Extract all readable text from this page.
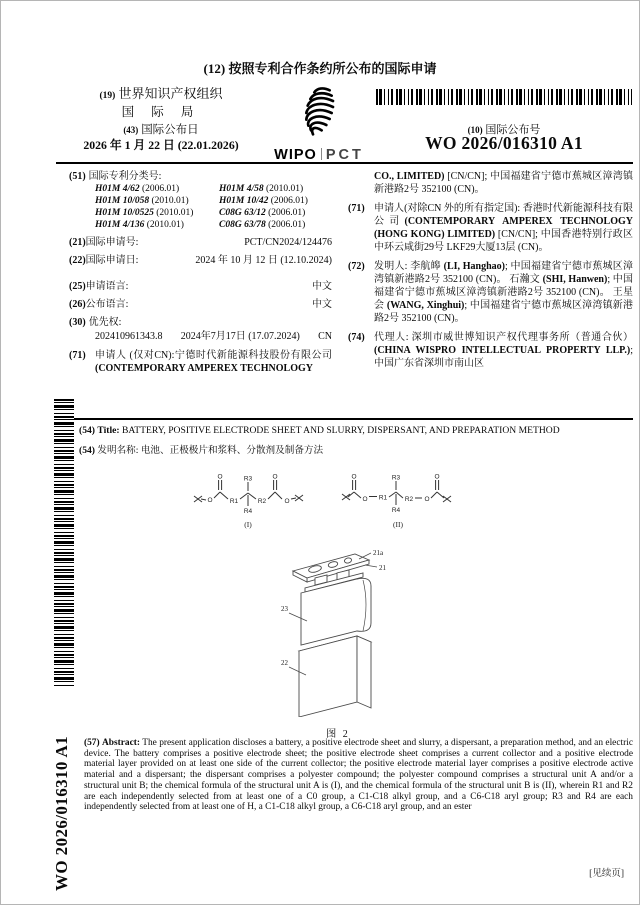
(12) 按照专利合作条约所公布的国际申请
(19) 世界知识产权组织
国 际 局
(43) 国际公布日
2026 年 1 月 22 日 (22.01.2026)
WIPO PCT
(10) 国际公布号
WO 2026/016310 A1
(51) 国际专利分类号:
H01M 4/62 (2006.01)	H01M 4/58 (2010.01)
H01M 10/058 (2010.01)	H01M 10/42 (2006.01)
H01M 10/0525 (2010.01)	C08G 63/12 (2006.01)
H01M 4/136 (2010.01)	C08G 63/78 (2006.01)
(21)国际申请号:	PCT/CN2024/124476
(22)国际申请日:	2024 年 10 月 12 日 (12.10.2024)
(25)申请语言:	中文
(26)公布语言:	中文
(30) 优先权:
202410961343.8 2024年7月17日 (17.07.2024) CN
(71) 申请人 (仅对CN):宁德时代新能源科技股份有限公司 (CONTEMPORARY AMPEREX TECHNOLOGY
CO., LIMITED) [CN/CN]; 中国福建省宁德市蕉城区漳湾镇新港路2号 352100 (CN)。
(71) 申请人(对除CN 外的所有指定国): 香港时代新能源科技有限公司(CONTEMPORARY AMPEREX TECHNOLOGY (HONG KONG) LIMITED) [CN/CN]; 中国香港特别行政区中环云咸街29号 LKF29大厦13层 (CN)。
(72) 发明人: 李航皞 (LI, Hanghao); 中国福建省宁德市蕉城区漳湾镇新港路2号 352100 (CN)。 石瀚文 (SHI, Hanwen); 中国福建省宁德市蕉城区漳湾镇新港路2号 352100 (CN)。 王星会 (WANG, Xinghui); 中国福建省宁德市蕉城区漳湾镇新港路2号 352100 (CN)。
(74) 代理人: 深圳市威世博知识产权代理事务所（普通合伙）(CHINA WISPRO INTELLECTUAL PROPERTY LLP.); 中国广东省深圳市南山区
(54) Title: BATTERY, POSITIVE ELECTRODE SHEET AND SLURRY, DISPERSANT, AND PREPARATION METHOD
(54) 发明名称: 电池、正极极片和浆料、分散剂及制备方法
O
O
R1
R3
R4
R2
O
O
(I)
O
O R1
R3
R4
R2 O
O
(II)
21a
21
23
22
图 2
(57) Abstract: The present application discloses a battery, a positive electrode sheet and slurry, a dispersant, a preparation method, and an electric device. The battery comprises a positive electrode sheet; the positive electrode sheet comprises a current collector and a positive electrode material layer provided on at least one side of the current collector; the positive electrode material layer comprises a positive electrode active material and a dispersant; the dispersant comprises a polyester compound; the polyester compound comprises a structural unit A and/or a structural unit B; the chemical formula of the structural unit A is (I), and the chemical formula of the structural unit B is (II), wherein R1 and R2 are each independently selected from at least one of a C0 group, a C1-C18 alkyl group, and a C6-C18 aryl group; R3 and R4 are each independently selected from at least one of H, a C1-C18 alkyl group, a C6-C18 aryl group, and an ester
[见续页]
WO 2026/016310 A1
